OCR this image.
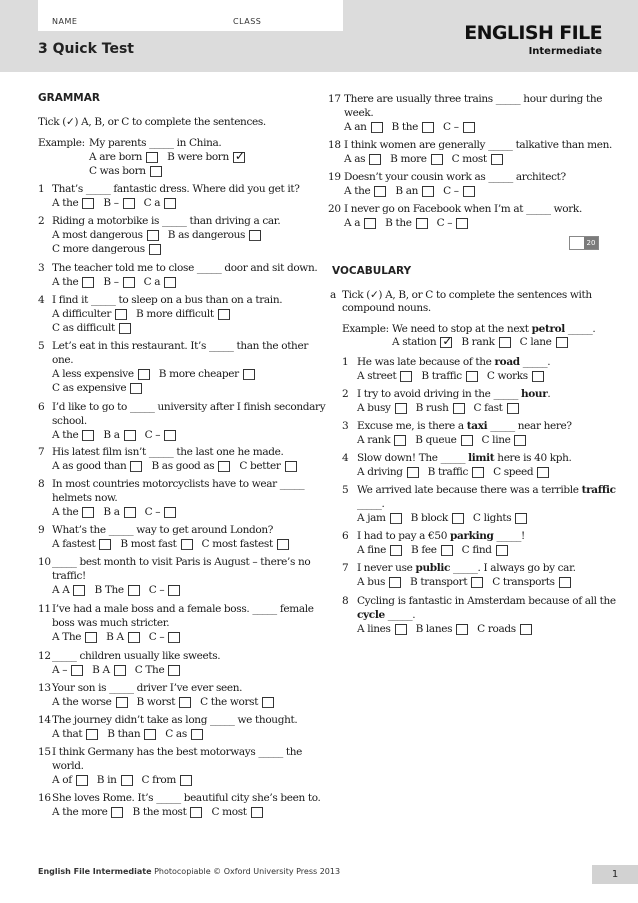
NAME	CLASS
3 Quick Test
ENGLISH FILE
Intermediate
GRAMMAR
Tick (✓) A, B, or C to complete the sentences.
Example: My parents _____ in China.
A are born B were born
✓
C was born
1 That’s _____ fantastic dress. Where did you get it?
A the B – C a
2 Riding a motorbike is _____ than driving a car.
A most dangerous B as dangerous
C more dangerous
3 The teacher told me to close _____ door and sit down.
A the B – C a
4 I find it _____ to sleep on a bus than on a train.
A difficulter B more difficult
C as difficult
5 Let’s eat in this restaurant. It’s _____ than the other
one.
A less expensive B more cheaper
C as expensive
6 I’d like to go to _____ university after I finish secondary
school.
A the B a C –
7 His latest film isn’t _____ the last one he made.
A as good than B as good as C better
8 In most countries motorcyclists have to wear _____
helmets now.
A the B a C –
9 What’s the _____ way to get around London?
A fastest B most fast C most fastest
10 _____ best month to visit Paris is August – there’s no
traffic!
A A B The C –
11 I’ve had a male boss and a female boss. _____ female
boss was much stricter.
A The B A C –
12 _____ children usually like sweets.
A – B A C The
13 Your son is _____ driver I’ve ever seen.
A the worse B worst C the worst
14 The journey didn’t take as long _____ we thought.
A that B than C as
15 I think Germany has the best motorways _____ the
world.
A of B in C from
16 She loves Rome. It’s _____ beautiful city she’s been to.
A the more B the most C most
17 There are usually three trains _____ hour during the
week.
A an B the C –
18 I think women are generally _____ talkative than men.
A as B more C most
19 Doesn’t your cousin work as _____ architect?
A the B an C –
20 I never go on Facebook when I’m at _____ work.
A a B the C –
VOCABULARY
a Tick (✓) A, B, or C to complete the sentences with
compound nouns.
Example: We need to stop at the next petrol _____.
A station
✓ B rank C lane
1 He was late because of the road _____.
A street B traffic C works
2 I try to avoid driving in the _____ hour.
A busy B rush C fast
3 Excuse me, is there a taxi _____ near here?
A rank B queue C line
4 Slow down! The _____ limit here is 40 kph.
A driving B traffic C speed
5 We arrived late because there was a terrible traffic
_____.
A jam B block C lights
6 I had to pay a €50 parking _____!
A fine B fee C find
7 I never use public _____. I always go by car.
A bus B transport C transports
8 Cycling is fantastic in Amsterdam because of all the
cycle _____.
A lines B lanes C roads
20
English File Intermediate Photocopiable © Oxford University Press 2013	1
